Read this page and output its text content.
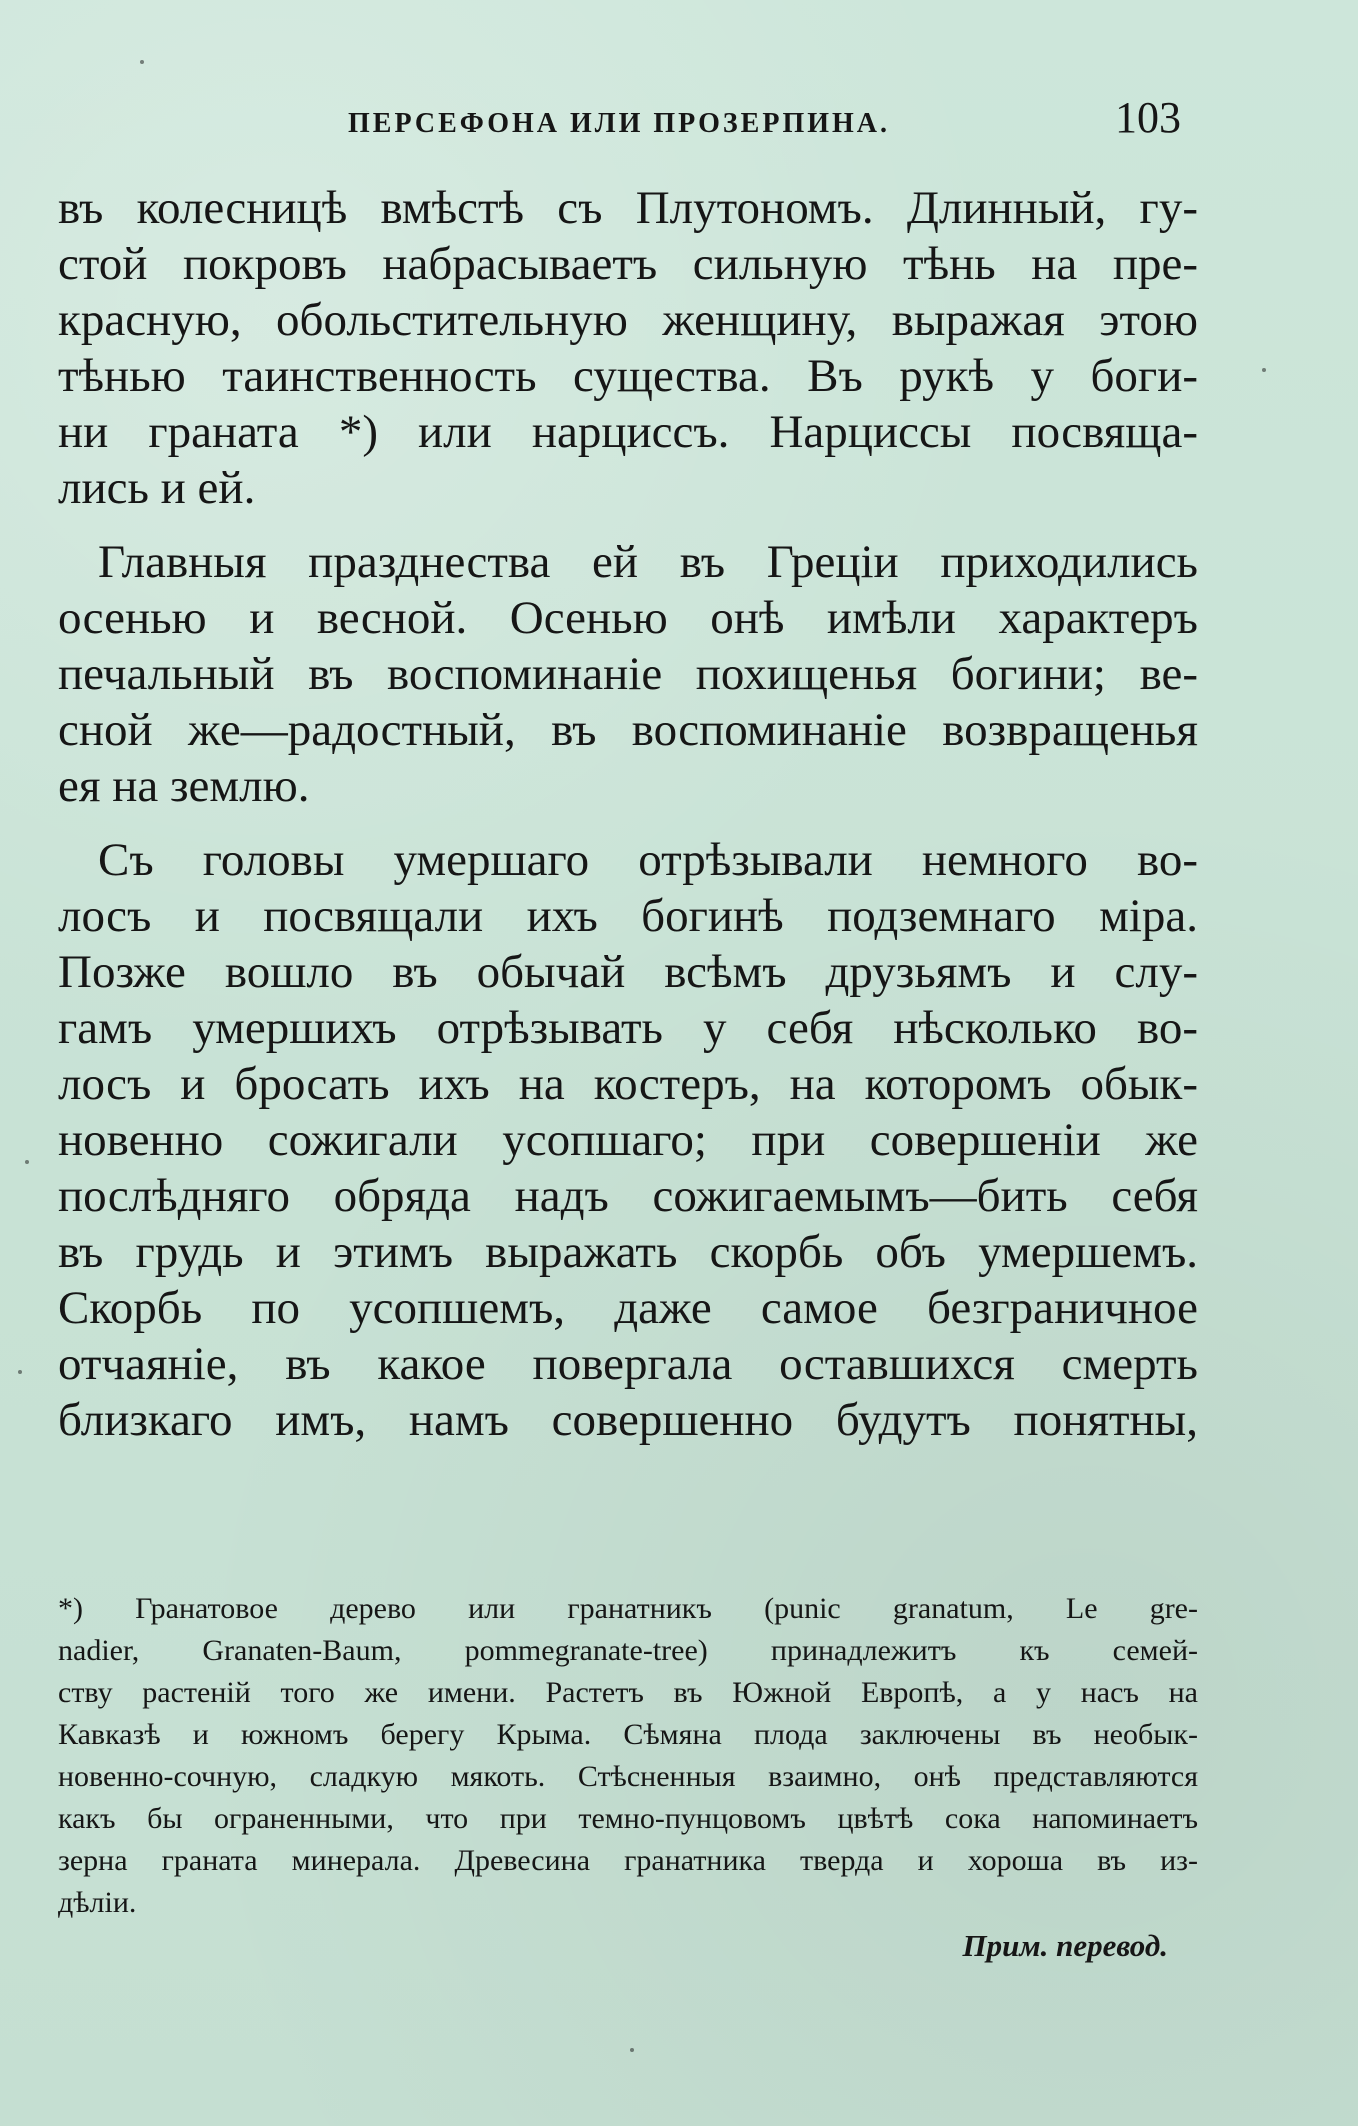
ПЕРСЕФОНА ИЛИ ПРОЗЕРПИНА.	103
въ колесницѣ вмѣстѣ съ Плутономъ. Длинный, гу-
стой покровъ набрасываетъ сильную тѣнь на пре-
красную, обольстительную женщину, выражая этою
тѣнью таинственность существа. Въ рукѣ у боги-
ни граната *) или нарциссъ. Нарциссы посвяща-
лись и ей.
Главныя празднества ей въ Греціи приходились
осенью и весной. Осенью онѣ имѣли характеръ
печальный въ воспоминаніе похищенья богини; ве-
сной же—радостный, въ воспоминаніе возвращенья
ея на землю.
Съ головы умершаго отрѣзывали немного во-
лосъ и посвящали ихъ богинѣ подземнаго міра.
Позже вошло въ обычай всѣмъ друзьямъ и слу-
гамъ умершихъ отрѣзывать у себя нѣсколько во-
лосъ и бросать ихъ на костеръ, на которомъ обык-
новенно сожигали усопшаго; при совершеніи же
послѣдняго обряда надъ сожигаемымъ—бить себя
въ грудь и этимъ выражать скорбь объ умершемъ.
Скорбь по усопшемъ, даже самое безграничное
отчаяніе, въ какое повергала оставшихся смерть
близкаго имъ, намъ совершенно будутъ понятны,
*) Гранатовое дерево или гранатникъ (punic granatum, Le gre-
nadier, Granaten-Baum, pommegranate-tree) принадлежитъ къ семей-
ству растеній того же имени. Растетъ въ Южной Европѣ, а у насъ на
Кавказѣ и южномъ берегу Крыма. Сѣмяна плода заключены въ необык-
новенно-сочную, сладкую мякоть. Стѣсненныя взаимно, онѣ представляются
какъ бы ограненными, что при темно-пунцовомъ цвѣтѣ сока напоминаетъ
зерна граната минерала. Древесина гранатника тверда и хороша въ из-
дѣліи.
Прим. перевод.
